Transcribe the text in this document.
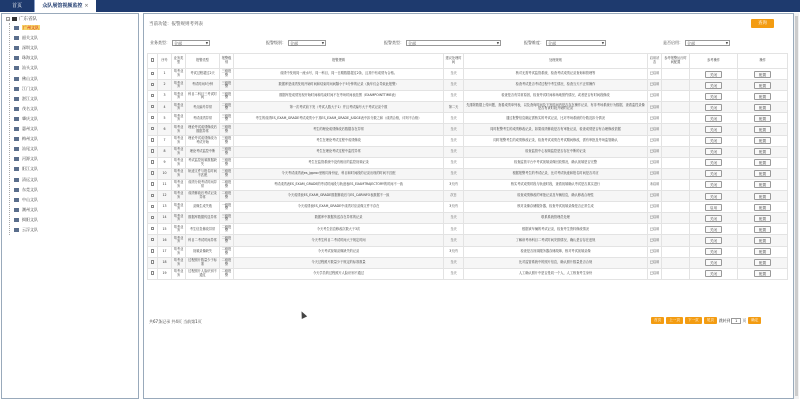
首页	众队展馆视频监控 ×
− 广东省队
广州文队
韶关文队
深圳文队
珠海文队
汕头文队
佛山文队
江门文队
湛江文队
茂名文队
肇庆文队
惠州文队
梅州文队
汕尾文队
河源文队
阳江文队
清远文队
东莞文队
中山文队
潮州文队
揭阳文队
云浮文队
当前功能：报警规则考列表	查询
业务类型： 全部	▼	报警级别： 全部	▼	报警类型： 全部	▼	报警维度： 全部	▼	是否启用： 全部	▼
	序号	业务类型	报警类型	报警级别	报警逻辑	建议处理时间	处理规则	启用状态	参考报警运行时间配置	参考操作	操作
	1	驾考业务	考试过程超过2天	三级报警	成绩中发现同一流水号，同一科目，同一日期数据超过2条，且其中有成绩为合格。	当天	核对无需考试监管系统，检查考试成绩记录查询和管理等	已启用		关闭	配置
	2	驾考业务	考试时间5分钟	三级报警	数据库是成绩发现开始时间和结束时间间隔小于5分钟的记录（换车仅会导致此报警）	当天	检查考试是否考试过程中考生情况，检查当天不正常操作	已启用		关闭	配置
	3	驾考业务	科目二科目三考试时间	三级报警	数据库是成绩发现开始时间和结束时间不在考场时间表范围（EXAMPOINTTIME表）	当天	检查是否有异常原因，检查考试时间和场地预约情况，或者是否有时间段修改	已启用		关闭	配置
	4	驾考业务	考点编号异常	二级报警	第一次考试前下发（考试人数大于1）并且考试编号大于考试记录个数	第二天	先排除数据上传问题，查看成绩单列表，以及查询时间及下发时间内是否存在操作记录，有非考场系统行为数据，查看监控录像是否有该时段开始的记录	已启用		关闭	配置
	5	驾考业务	考试成绩异常	三级报警	考生的成绩ES_EXAM_GRADE考试成绩小于其ES_EXAM_GRADE_JUDGE表中扣分数之和（成绩合格，评判不合格）	当天	通过报警信息确定需核实的考试记录，比对考场系统的分数及扣分情况	已启用		关闭	配置
	6	驾考业务	理论考试成绩修改后数据异常	三级报警	考生的理论成绩修改后数据存在异常	当天	同时报警考生的成绩修改记录，如果成绩修改是否有审批记录，检查成绩是否有合理修改依据	已启用		关闭	配置
	7	驾考业务	理论考试成绩修改为考试开始	三级报警	考生在理论考试过程中成绩修改	当天	同时报警考生的成绩修改记录，检查考试成绩在考试期间修改，需有审批及考场监管确认	已启用		关闭	配置
	8	驾考业务	理论考试监控中断	三级报警	考生在理论考试过程中监控异常	当天	检查监管中心视频监控是否存在中断的记录	已启用		关闭	配置
	9	驾考业务	考试监控视频数据缺失	三级报警	考生在监管系统中没有相应的监控视频记录	当天	检查监管平台中考试视频录像回放情况，确认视频是否完整	已启用		关闭	配置
	10	驾考业务	轨迹文件与报名时间不匹配	三级报警	今天考试成绩表es_jgproc里相同身份证，科目和时间段的记录出现的时间不匹配	当天	根据报警考生的考试记录，比对考试轨迹和报名时间是否对应	已启用		关闭	配置
	11	驾考业务	成绩分段考试时间异常	二级报警	考试成绩表ES_EXAM_GRADE的考试时间段与轨迹表ES_EXAMTRAJECTORY的时间不一致	3天内	核实考试成绩时段与轨迹时段，查看视频确认考试是否真实进行	未启用		关闭	配置
	12	驾考业务	成绩修改后考试记录异常	二级报警	今天成绩表ES_EXAM_GRADE数据修改后与ES_CARINFO表数据不一致	次日	检查成绩修改的审批记录及车辆信息，确认修改合理性	已启用		关闭	配置
	13	驾考业务	录像生成失败	一级报警	今天成绩表ES_EXAM_GRADE中成绩对应录像文件不存在	3天内	核对录像存储服务器，检查考试视频录像是否正常生成	已启用		启用	配置
	14	驾考业务	数据库数据传送异常	三级报警	数据库中数据传送存在异常的记录	当天	联系系统管理员处理	已启用		关闭	配置
	15	驾考业务	考生信息修改异常	二级报警	今天考生信息修改次数大于3次	当天	根据该车辆的考试记录，检查考生资料修改情况	已启用		关闭	配置
	16	驾考业务	科目二考试时间异常	二级报警	今天考生科目二考试时间大于规定时间	当天	了解该考场科目二考试时间安排情况，确认是否存在违规	已启用		关闭	配置
	17	驾考业务	视频录像缺失	二级报警	今天考试视频录像缺失的记录	3天内	检查是否视频服务器存储故障，核对考试视频录像	已启用		关闭	配置
	18	驾考业务	过程照片数量少于标准	二级报警	今天过程照片数量少于规定的标准数量	当天	比对监管系统中的照片信息，确认照片数量是否合规	已启用		关闭	配置
	19	驾考业务	过程照片人脸识别不通过	二级报警	今天学员的过程照片人脸识别不通过	当天	人工确认照片中是否是同一个人，人工核查考生身份	已启用		关闭	配置
共67条记录 共4页 当前第1页	首页 上一页 下一页 尾页 跳转到 1 页 确定
